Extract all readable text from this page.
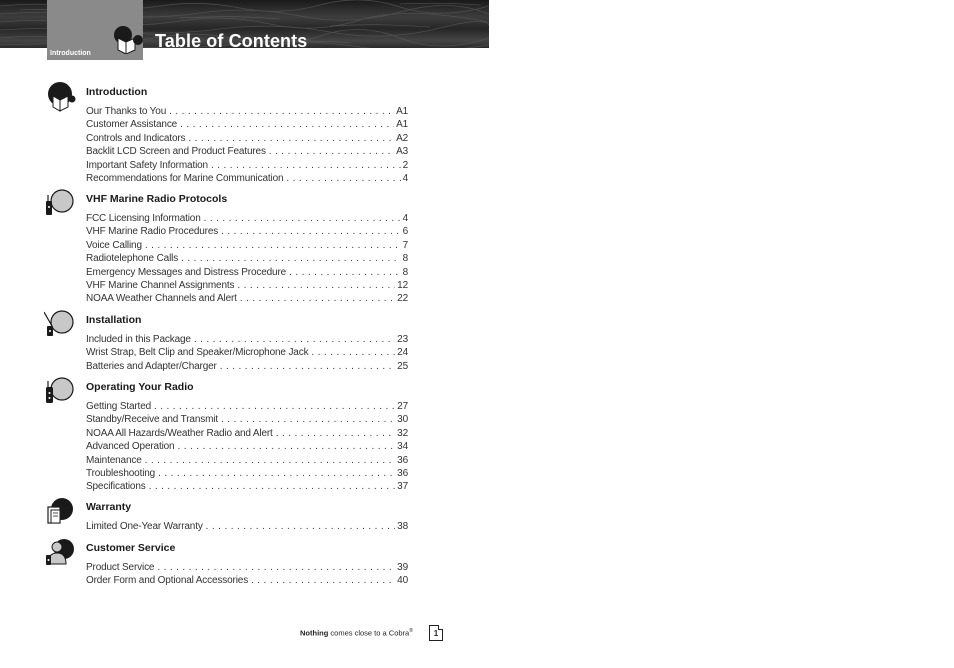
Introduction
Table of Contents
Introduction
Our Thanks to You . . .	A1
Customer Assistance . . .	A1
Controls and Indicators . . .	A2
Backlit LCD Screen and Product Features . . .	A3
Important Safety Information . . .	2
Recommendations for Marine Communication . . .	4
VHF Marine Radio Protocols
FCC Licensing Information . . .	4
VHF Marine Radio Procedures . . .	6
Voice Calling . . .	7
Radiotelephone Calls . . .	8
Emergency Messages and Distress Procedure . . .	8
VHF Marine Channel Assignments . . .	12
NOAA Weather Channels and Alert . . .	22
Installation
Included in this Package . . .	23
Wrist Strap, Belt Clip and Speaker/Microphone Jack . . .	24
Batteries and Adapter/Charger . . .	25
Operating Your Radio
Getting Started . . .	27
Standby/Receive and Transmit . . .	30
NOAA All Hazards/Weather Radio and Alert . . .	32
Advanced Operation . . .	34
Maintenance . . .	36
Troubleshooting . . .	36
Specifications . . .	37
Warranty
Limited One-Year Warranty . . .	38
Customer Service
Product Service . . .	39
Order Form and Optional Accessories . . .	40
Nothing comes close to a Cobra®	1
